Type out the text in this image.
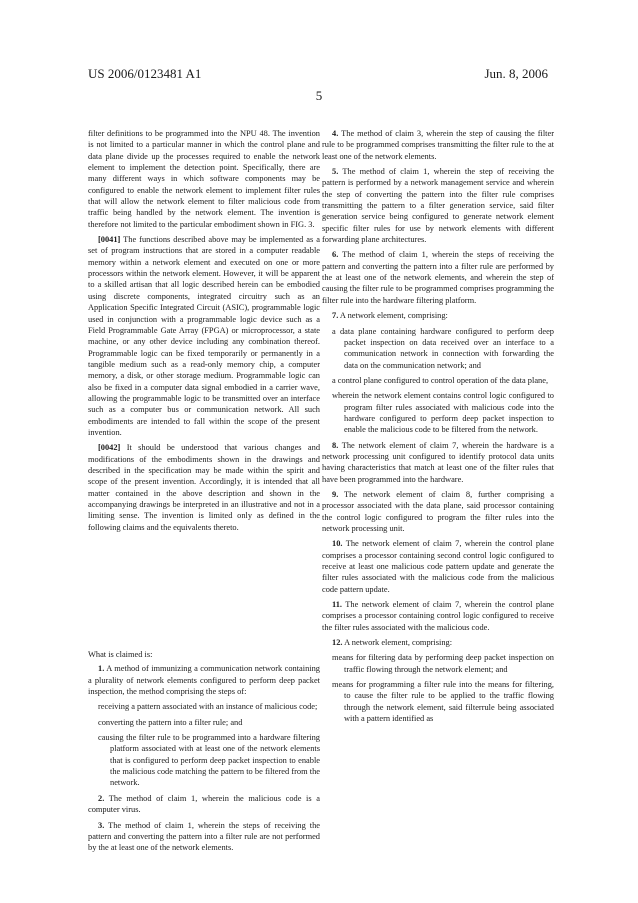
US 2006/0123481 A1	Jun. 8, 2006
5

filter definitions to be programmed into the NPU 48. The invention is not limited to a particular manner in which the control plane and data plane divide up the processes required to enable the network element to implement the detection point. Specifically, there are many different ways in which software components may be configured to enable the network element to implement filter rules that will allow the network element to filter malicious code from traffic being handled by the network element. The invention is therefore not limited to the particular embodiment shown in FIG. 3.

[0041] The functions described above may be implemented as a set of program instructions that are stored in a computer readable memory within a network element and executed on one or more processors within the network element. However, it will be apparent to a skilled artisan that all logic described herein can be embodied using discrete components, integrated circuitry such as an Application Specific Integrated Circuit (ASIC), programmable logic used in conjunction with a programmable logic device such as a Field Programmable Gate Array (FPGA) or microprocessor, a state machine, or any other device including any combination thereof. Programmable logic can be fixed temporarily or permanently in a tangible medium such as a read-only memory chip, a computer memory, a disk, or other storage medium. Programmable logic can also be fixed in a computer data signal embodied in a carrier wave, allowing the programmable logic to be transmitted over an interface such as a computer bus or communication network. All such embodiments are intended to fall within the scope of the present invention.

[0042] It should be understood that various changes and modifications of the embodiments shown in the drawings and described in the specification may be made within the spirit and scope of the present invention. Accordingly, it is intended that all matter contained in the above description and shown in the accompanying drawings be interpreted in an illustrative and not in a limiting sense. The invention is limited only as defined in the following claims and the equivalents thereto.

What is claimed is:

1. A method of immunizing a communication network containing a plurality of network elements configured to perform deep packet inspection, the method comprising the steps of:

receiving a pattern associated with an instance of malicious code;

converting the pattern into a filter rule; and

causing the filter rule to be programmed into a hardware filtering platform associated with at least one of the network elements that is configured to perform deep packet inspection to enable the malicious code matching the pattern to be filtered from the network.

2. The method of claim 1, wherein the malicious code is a computer virus.

3. The method of claim 1, wherein the steps of receiving the pattern and converting the pattern into a filter rule are not performed by the at least one of the network elements.

4. The method of claim 3, wherein the step of causing the filter rule to be programmed comprises transmitting the filter rule to the at least one of the network elements.

5. The method of claim 1, wherein the step of receiving the pattern is performed by a network management service and wherein the step of converting the pattern into the filter rule comprises transmitting the pattern to a filter generation service, said filter generation service being configured to generate network element specific filter rules for use by network elements with different forwarding plane architectures.

6. The method of claim 1, wherein the steps of receiving the pattern and converting the pattern into a filter rule are performed by the at least one of the network elements, and wherein the step of causing the filter rule to be programmed comprises programming the filter rule into the hardware filtering platform.

7. A network element, comprising:

a data plane containing hardware configured to perform deep packet inspection on data received over an interface to a communication network in connection with forwarding the data on the communication network; and

a control plane configured to control operation of the data plane,

wherein the network element contains control logic configured to program filter rules associated with malicious code into the hardware configured to perform deep packet inspection to enable the malicious code to be filtered from the network.

8. The network element of claim 7, wherein the hardware is a network processing unit configured to identify protocol data units having characteristics that match at least one of the filter rules that have been programmed into the hardware.

9. The network element of claim 8, further comprising a processor associated with the data plane, said processor containing the control logic configured to program the filter rules into the network processing unit.

10. The network element of claim 7, wherein the control plane comprises a processor containing second control logic configured to receive at least one malicious code pattern update and generate the filter rules associated with the malicious code from the malicious code pattern update.

11. The network element of claim 7, wherein the control plane comprises a processor containing control logic configured to receive the filter rules associated with the malicious code.

12. A network element, comprising:

means for filtering data by performing deep packet inspection on traffic flowing through the network element; and

means for programming a filter rule into the means for filtering, to cause the filter rule to be applied to the traffic flowing through the network element, said filterrule being associated with a pattern identified as
